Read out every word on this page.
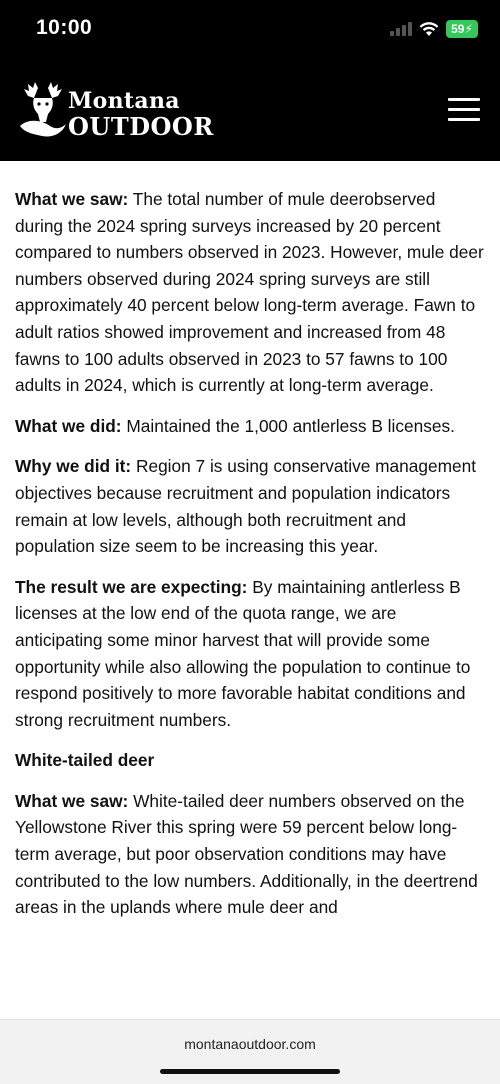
10:00	59⚡
Montana
OUTDOOR

What we saw: The total number of mule deerobserved during the 2024 spring surveys increased by 20 percent compared to numbers observed in 2023. However, mule deer numbers observed during 2024 spring surveys are still approximately 40 percent below long-term average. Fawn to adult ratios showed improvement and increased from 48 fawns to 100 adults observed in 2023 to 57 fawns to 100 adults in 2024, which is currently at long-term average.

What we did: Maintained the 1,000 antlerless B licenses.

Why we did it: Region 7 is using conservative management objectives because recruitment and population indicators remain at low levels, although both recruitment and population size seem to be increasing this year.

The result we are expecting: By maintaining antlerless B licenses at the low end of the quota range, we are anticipating some minor harvest that will provide some opportunity while also allowing the population to continue to respond positively to more favorable habitat conditions and strong recruitment numbers.

White-tailed deer

What we saw: White-tailed deer numbers observed on the Yellowstone River this spring were 59 percent below long-term average, but poor observation conditions may have contributed to the low numbers. Additionally, in the deertrend areas in the uplands where mule deer and

montanaoutdoor.com
